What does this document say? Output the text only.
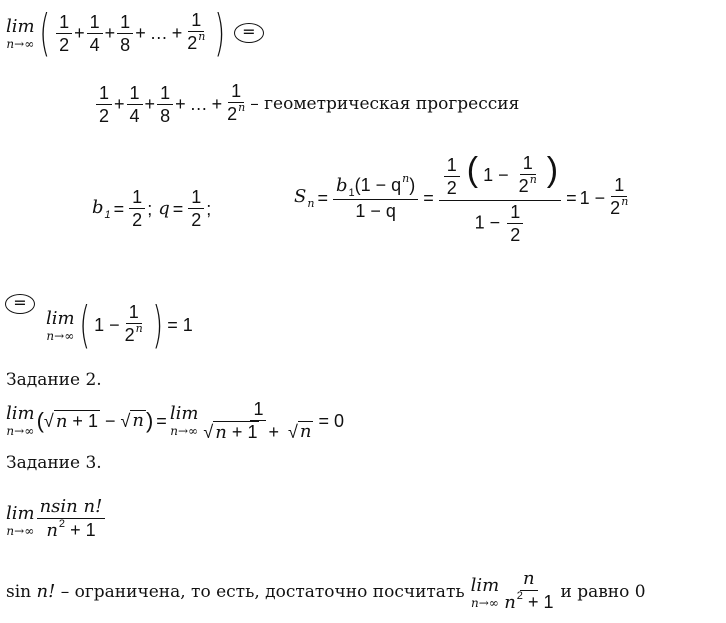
lim
n→∞ ( 1
2
+ $\frac{1}{4} + \frac{1}{8}$ + … + $\frac{1}{2^n}$ )	=
1
2
+ $\frac{1}{4} + \frac{1}{8}$ + … + $\frac{1}{2^n}$ – геометрическая прогрессия
$b_1 = \frac{1}{2}$ ; $q = \frac{1}{2}$ ;
$S_n = \frac{b_1(1 - q^n)}{1 - q} = \frac{\frac{1}{2} ( 1 - \frac{1}{2^n} )}{1 - \frac{1}{2}} = 1 - \frac{1}{2^n}$
=
lim
n→∞ ( $1 - \frac{1}{2^n}$ ) = 1
Задание 2.
lim
n→∞ ( √ n + 1 − √ n ) = lim
$n\to\infty \frac{1}{√ n + 1 + √ n} = 0$
Задание 3.
lim
n→∞
nsin n!
$n^2 + 1$
sin n! – ограничена, то есть, достаточно посчитать lim
n→∞
n
$n^2 + 1$ и равно 0
